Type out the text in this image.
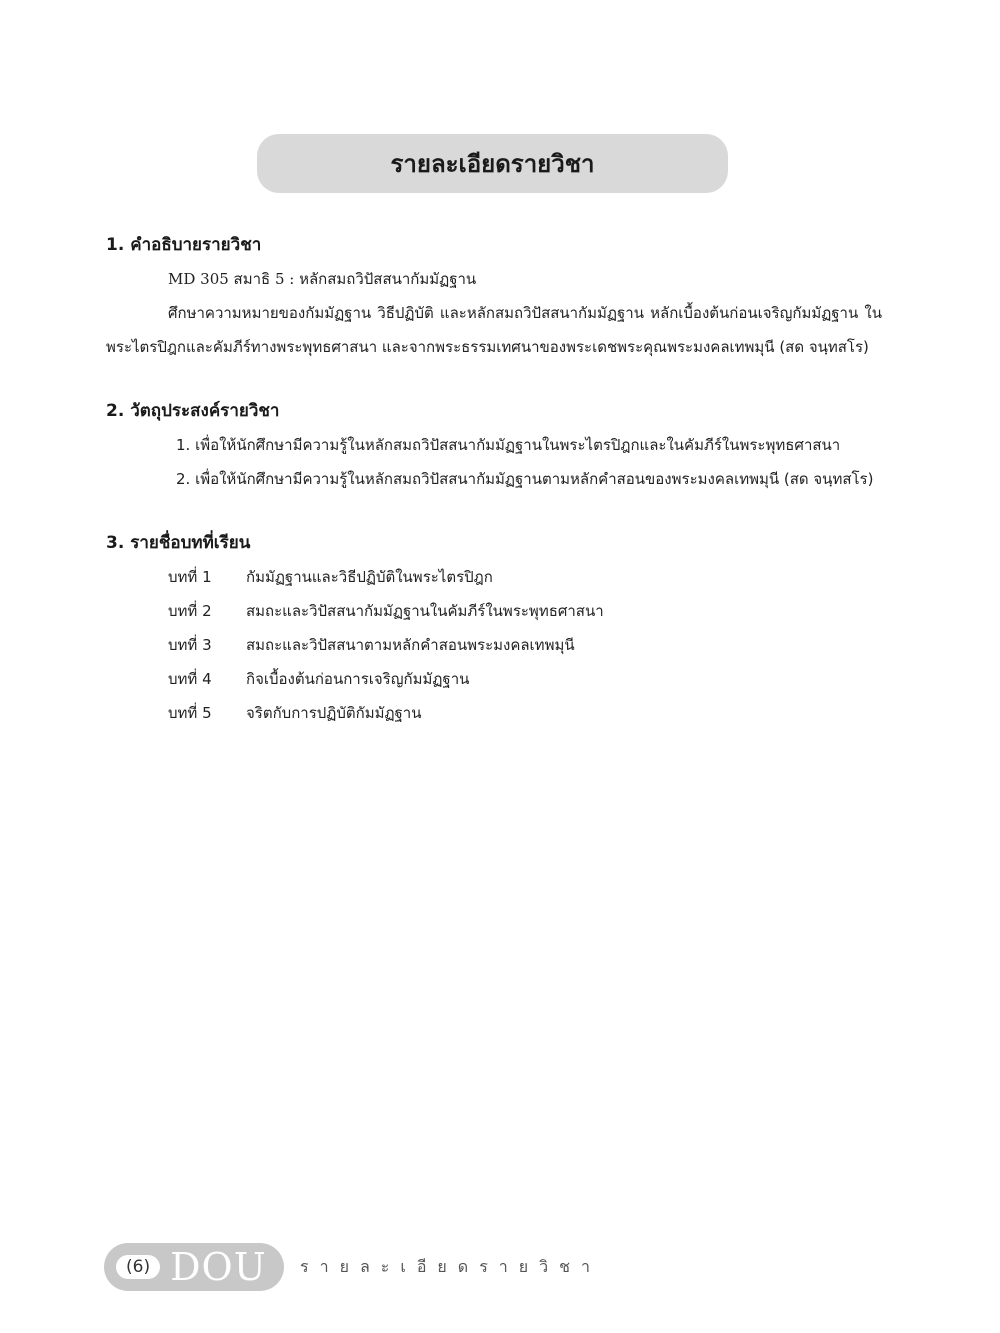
รายละเอียดรายวิชา

1. คำอธิบายรายวิชา

MD 305 สมาธิ 5 : หลักสมถวิปัสสนากัมมัฏฐาน

ศึกษาความหมายของกัมมัฏฐาน วิธีปฏิบัติ และหลักสมถวิปัสสนากัมมัฏฐาน หลักเบื้องต้นก่อนเจริญกัมมัฏฐาน ในพระไตรปิฎกและคัมภีร์ทางพระพุทธศาสนา และจากพระธรรมเทศนาของพระเดชพระคุณพระมงคลเทพมุนี (สด จนฺทสโร)

2. วัตถุประสงค์รายวิชา

1. เพื่อให้นักศึกษามีความรู้ในหลักสมถวิปัสสนากัมมัฏฐานในพระไตรปิฎกและในคัมภีร์ในพระพุทธศาสนา

2. เพื่อให้นักศึกษามีความรู้ในหลักสมถวิปัสสนากัมมัฏฐานตามหลักคำสอนของพระมงคลเทพมุนี (สด จนฺทสโร)

3. รายชื่อบทที่เรียน

บทที่ 1	กัมมัฏฐานและวิธีปฏิบัติในพระไตรปิฎก
บทที่ 2	สมถะและวิปัสสนากัมมัฏฐานในคัมภีร์ในพระพุทธศาสนา
บทที่ 3	สมถะและวิปัสสนาตามหลักคำสอนพระมงคลเทพมุนี
บทที่ 4	กิจเบื้องต้นก่อนการเจริญกัมมัฏฐาน
บทที่ 5	จริตกับการปฏิบัติกัมมัฏฐาน
(6) DOU รายละเอียดรายวิชา
